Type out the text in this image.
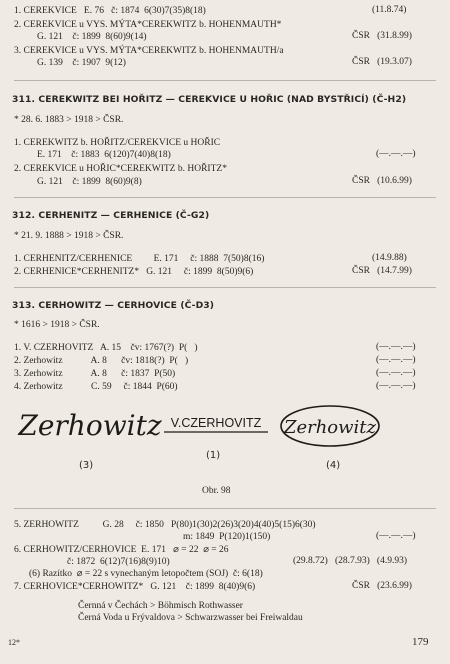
1. CEREKVICE   E. 76   č: 1874  6(30)7(35)8(18)	(11.8.74)
2. CEREKVICE u VYS. MÝTA*CEREKWITZ b. HOHENMAUTH*
G. 121    č: 1899  8(60)9(14)	ČSR   (31.8.99)
3. CEREKVICE u VYS. MÝTA*CEREKWITZ b. HOHENMAUTH/a
G. 139    č: 1907  9(12)	ČSR   (19.3.07)
311. CEREKWITZ BEI HOŘITZ — CEREKVICE U HOŘIC (NAD BYSTŘICÍ) (Č-H2)
* 28. 6. 1883 > 1918 > ČSR.
1. CEREKWITZ b. HOŘITZ/CEREKVICE u HOŘIC
E. 171    č: 1883  6(120)7(40)8(18)	(—.—.—)
2. CEREKVICE u HOŘIC*CEREKWITZ b. HOŘITZ*
G. 121    č: 1899  8(60)9(8)	ČSR   (10.6.99)
312. CERHENITZ — CERHENICE (Č-G2)
* 21. 9. 1888 > 1918 > ČSR.
1. CERHENITZ/CERHENICE         E. 171     č: 1888  7(50)8(16)	(14.9.88)
2. CERHENICE*CERHENITZ*   G. 121     č: 1899  8(50)9(6)	ČSR   (14.7.99)
313. CERHOWITZ — CERHOVICE (Č-D3)
* 1616 > 1918 > ČSR.
1. V. CZERHOVITZ   A. 15    čv: 1767(?)  P(   )	(—.—.—)
2. Zerhowitz            A. 8      čv: 1818(?)  P(   )	(—.—.—)
3. Zerhowitz            A. 8      č: 1837  P(50)	(—.—.—)
4. Zerhowitz            C. 59     č: 1844  P(60)	(—.—.—)
Zerhowitz
(3)
V.CZERHOVITZ
(1)
Zerhowitz
(4)
Obr. 98
5. ZERHOWITZ          G. 28     č: 1850   P(80)1(30)2(26)3(20)4(40)5(15)6(30)
m: 1849  P(120)1(150)	(—.—.—)
6. CERHOWITZ/CERHOVICE  E. 171   ⌀ = 22  ⌀ = 26
č: 1872  6(12)7(16)8(9)10)	(29.8.72)   (28.7.93)   (4.9.93)
(6) Razítko  ⌀ = 22 s vynechaným letopočtem (SOJ)  č: 6(18)
7. CERHOVICE*CERHOWITZ*   G. 121    č: 1899  8(40)9(6)	ČSR   (23.6.99)
Černná v Čechách > Böhmisch Rothwasser
Černá Voda u Frývaldova > Schwarzwasser bei Freiwaldau
12*	179
